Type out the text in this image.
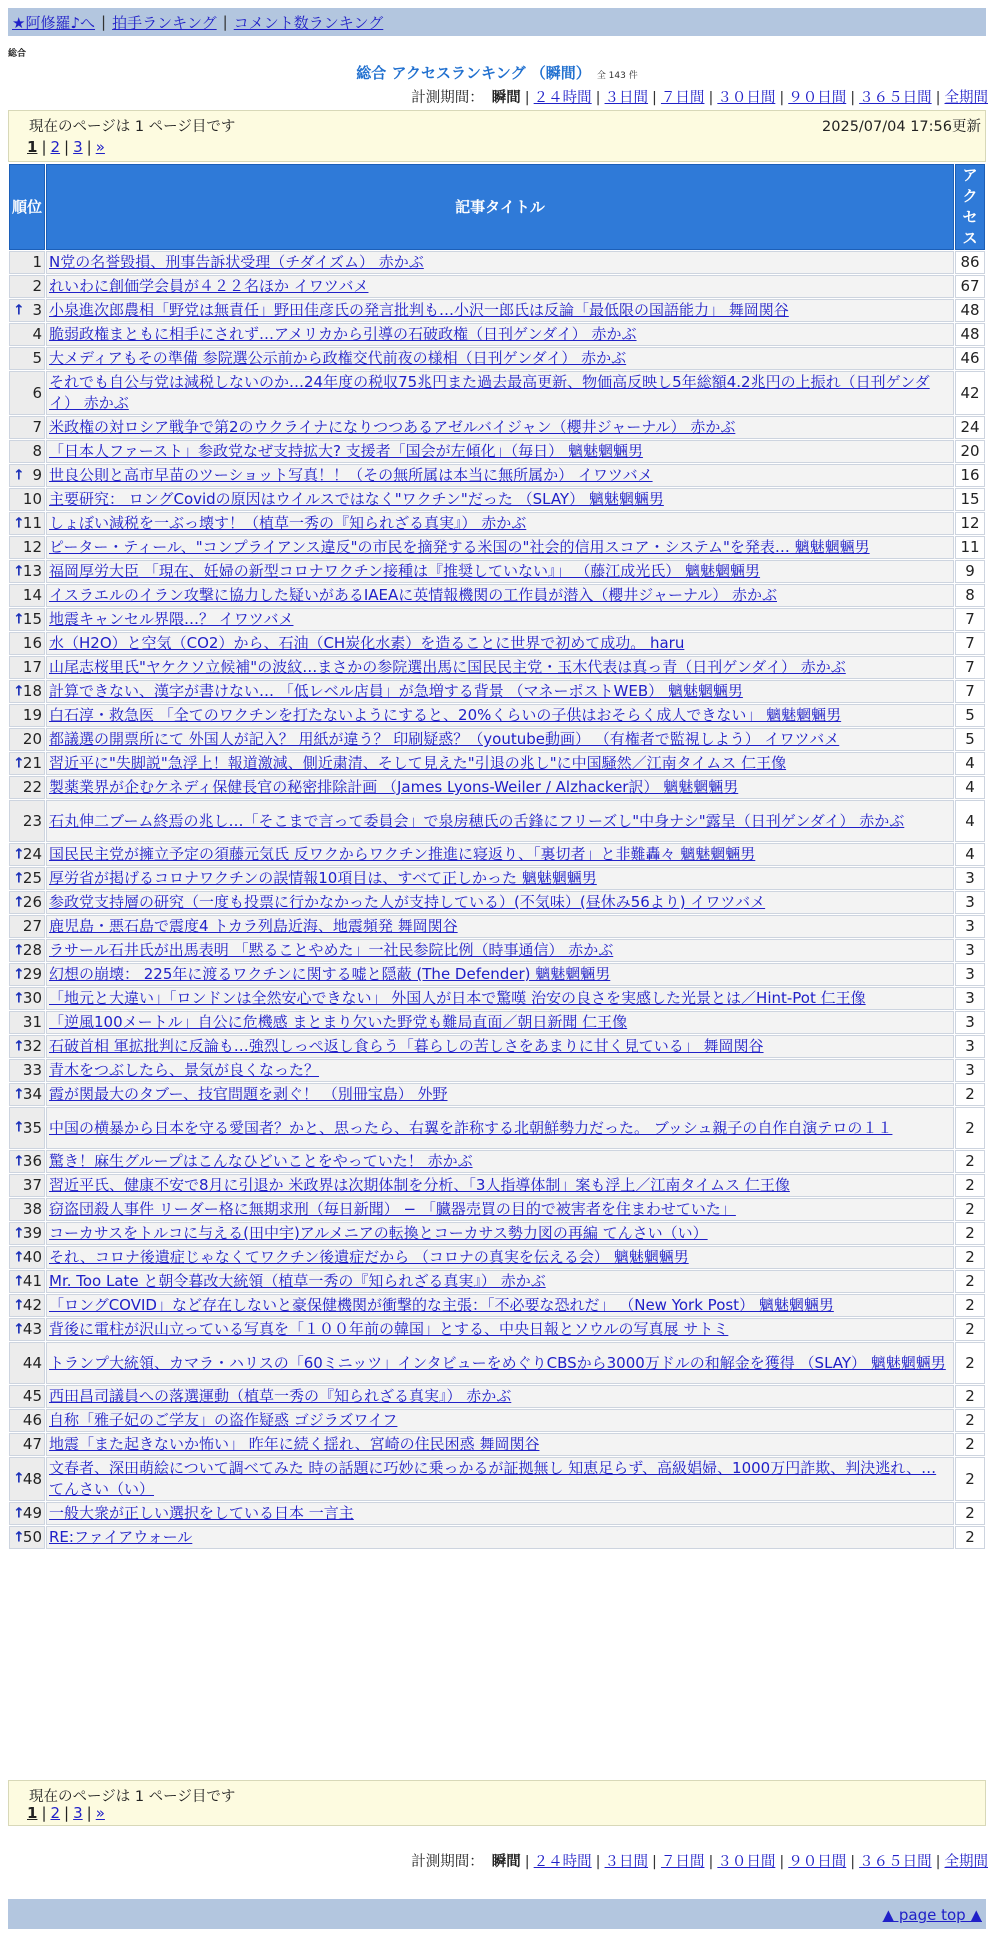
★阿修羅♪へ | 拍手ランキング | コメント数ランキング
総合
総合 アクセスランキング （瞬間） 全 143 件
計測期間： 瞬間 | ２４時間 | ３日間 | ７日間 | ３０日間 | ９０日間 | ３６５日間 | 全期間
現在のページは 1 ページ目です	2025/07/04 17:56更新
1 | 2 | 3 | »
順位	記事タイトル	アクセス
1	N党の名誉毀損、刑事告訴状受理（チダイズム） 赤かぶ	86
2	れいわに創価学会員が４２２名ほか イワツバメ	67

↑ 3	小泉進次郎農相「野党は無責任」野田佳彦氏の発言批判も…小沢一郎氏は反論「最低限の国語能力」 舞岡関谷	48
4	脆弱政権まともに相手にされず…アメリカから引導の石破政権（日刊ゲンダイ） 赤かぶ	48
5	大メディアもその準備 参院選公示前から政権交代前夜の様相（日刊ゲンダイ） 赤かぶ	46
6	それでも自公与党は減税しないのか…24年度の税収75兆円また過去最高更新、物価高反映し5年総額4.2兆円の上振れ（日刊ゲンダイ） 赤かぶ	42
7	米政権の対ロシア戦争で第2のウクライナになりつつあるアゼルバイジャン（櫻井ジャーナル） 赤かぶ	24
8	「日本人ファースト」参政党なぜ支持拡大? 支援者「国会が左傾化」（毎日） 魑魅魍魎男	20

↑ 9	世良公則と高市早苗のツーショット写真！！（その無所属は本当に無所属か） イワツバメ	16
10	主要研究： ロングCovidの原因はウイルスではなく"ワクチン"だった （SLAY） 魑魅魍魎男	15

↑
11	しょぼい減税を一ぶっ壊す！（植草一秀の『知られざる真実』） 赤かぶ	12
12	ピーター・ティール、"コンプライアンス違反"の市民を摘発する米国の"社会的信用スコア・システム"を発表… 魑魅魍魎男	11

↑
13	福岡厚労大臣 「現在、妊婦の新型コロナワクチン接種は『推奨していない』」 （藤江成光氏） 魑魅魍魎男	9
14	イスラエルのイラン攻撃に協力した疑いがあるIAEAに英情報機関の工作員が潜入（櫻井ジャーナル） 赤かぶ	8

↑
15	地震キャンセル界隈…？ イワツバメ	7
16	水（H2O）と空気（CO2）から、石油（CH炭化水素）を造ることに世界で初めて成功。 haru	7
17	山尾志桜里氏"ヤケクソ立候補"の波紋…まさかの参院選出馬に国民民主党・玉木代表は真っ青（日刊ゲンダイ） 赤かぶ	7

↑
18	計算できない、漢字が書けない… 「低レベル店員」が急増する背景 （マネーポストWEB） 魑魅魍魎男	7
19	白石淳・救急医 「全てのワクチンを打たないようにすると、20%くらいの子供はおそらく成人できない」 魑魅魍魎男	5
20	都議選の開票所にて 外国人が記入？ 用紙が違う？ 印刷疑惑？（youtube動画） （有権者で監視しよう） イワツバメ	5

↑
21	習近平に"失脚説"急浮上！報道激減、側近粛清、そして見えた"引退の兆し"に中国騒然／江南タイムス 仁王像	4
22	製薬業界が企むケネディ保健長官の秘密排除計画 （James Lyons-Weiler / Alzhacker訳） 魑魅魍魎男	4
23	石丸伸二ブーム終焉の兆し…「そこまで言って委員会」で泉房穂氏の舌鋒にフリーズし"中身ナシ"露呈（日刊ゲンダイ） 赤かぶ	4

↑
24	国民民主党が擁立予定の須藤元気氏 反ワクからワクチン推進に寝返り、「裏切者」と非難轟々 魑魅魍魎男	4

↑
25	厚労省が掲げるコロナワクチンの誤情報10項目は、すべて正しかった 魑魅魍魎男	3

↑
26	参政党支持層の研究（一度も投票に行かなかった人が支持している）(不気味）(昼休み56より) イワツバメ	3
27	鹿児島・悪石島で震度4 トカラ列島近海、地震頻発 舞岡関谷	3

↑
28	ラサール石井氏が出馬表明 「黙ることやめた」一社民参院比例（時事通信） 赤かぶ	3

↑
29	幻想の崩壊： 225年に渡るワクチンに関する嘘と隠蔽 (The Defender) 魑魅魍魎男	3

↑
30	「地元と大違い」「ロンドンは全然安心できない」 外国人が日本で驚嘆 治安の良さを実感した光景とは／Hint-Pot 仁王像	3
31	「逆風100メートル」自公に危機感 まとまり欠いた野党も難局直面／朝日新聞 仁王像	3

↑
32	石破首相 軍拡批判に反論も…強烈しっぺ返し食らう「暮らしの苦しさをあまりに甘く見ている」 舞岡関谷	3
33	青木をつぶしたら、景気が良くなった？	3

↑
34	霞が関最大のタブー、技官問題を剥ぐ！ （別冊宝島） 外野	2

↑
35	中国の横暴から日本を守る愛国者？かと、思ったら、右翼を詐称する北朝鮮勢力だった。 ブッシュ親子の自作自演テロの１１	2

↑
36	驚き！麻生グループはこんなひどいことをやっていた！ 赤かぶ	2
37	習近平氏、健康不安で8月に引退か 米政界は次期体制を分析、「3人指導体制」案も浮上／江南タイムス 仁王像	2
38	窃盗団殺人事件 リーダー格に無期求刑（毎日新聞） − 「臓器売買の目的で被害者を住まわせていた」	2

↑
39	コーカサスをトルコに与える(田中宇)アルメニアの転換とコーカサス勢力図の再編 てんさい（い）	2

↑
40	それ、コロナ後遺症じゃなくてワクチン後遺症だから （コロナの真実を伝える会） 魑魅魍魎男	2

↑
41	Mr. Too Late と朝令暮改大統領（植草一秀の『知られざる真実』） 赤かぶ	2

↑
42	「ロングCOVID」など存在しないと豪保健機関が衝撃的な主張：「不必要な恐れだ」 （New York Post） 魑魅魍魎男	2

↑
43	背後に電柱が沢山立っている写真を「１００年前の韓国」とする、中央日報とソウルの写真展 サトミ	2
44	トランプ大統領、カマラ・ハリスの「60ミニッツ」インタビューをめぐりCBSから3000万ドルの和解金を獲得 （SLAY） 魑魅魍魎男	2
45	西田昌司議員への落選運動（植草一秀の『知られざる真実』） 赤かぶ	2
46	自称「雅子妃のご学友」の盗作疑惑 ゴジラズワイフ	2
47	地震「また起きないか怖い」 昨年に続く揺れ、宮崎の住民困惑 舞岡関谷	2

↑
48	文春者、深田萌絵について調べてみた 時の話題に巧妙に乗っかるが証拠無し 知恵足らず、高級娼婦、1000万円詐欺、判決逃れ、… てんさい（い）	2

↑
49	一般大衆が正しい選択をしている日本 一言主	2

↑
50	RE:ファイアウォール	2
現在のページは 1 ページ目です
1 | 2 | 3 | »
計測期間： 瞬間 | ２４時間 | ３日間 | ７日間 | ３０日間 | ９０日間 | ３６５日間 | 全期間
▲ page top ▲
